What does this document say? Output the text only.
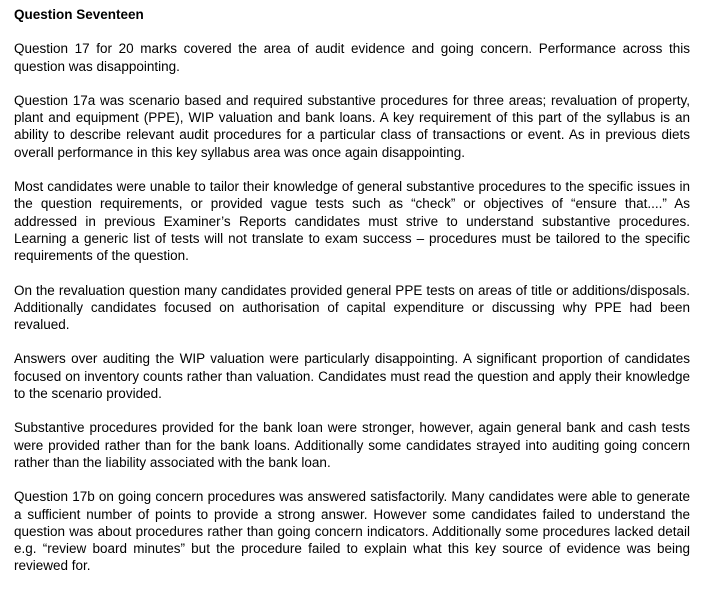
Question Seventeen

Question 17 for 20 marks covered the area of audit evidence and going concern. Performance across this question was disappointing.

Question 17a was scenario based and required substantive procedures for three areas; revaluation of property, plant and equipment (PPE), WIP valuation and bank loans. A key requirement of this part of the syllabus is an ability to describe relevant audit procedures for a particular class of transactions or event. As in previous diets overall performance in this key syllabus area was once again disappointing.

Most candidates were unable to tailor their knowledge of general substantive procedures to the specific issues in the question requirements, or provided vague tests such as “check” or objectives of “ensure that....” As addressed in previous Examiner’s Reports candidates must strive to understand substantive procedures. Learning a generic list of tests will not translate to exam success – procedures must be tailored to the specific requirements of the question.

On the revaluation question many candidates provided general PPE tests on areas of title or additions/disposals. Additionally candidates focused on authorisation of capital expenditure or discussing why PPE had been revalued.

Answers over auditing the WIP valuation were particularly disappointing. A significant proportion of candidates focused on inventory counts rather than valuation. Candidates must read the question and apply their knowledge to the scenario provided.

Substantive procedures provided for the bank loan were stronger, however, again general bank and cash tests were provided rather than for the bank loans. Additionally some candidates strayed into auditing going concern rather than the liability associated with the bank loan.

Question 17b on going concern procedures was answered satisfactorily. Many candidates were able to generate a sufficient number of points to provide a strong answer. However some candidates failed to understand the question was about procedures rather than going concern indicators. Additionally some procedures lacked detail e.g. “review board minutes” but the procedure failed to explain what this key source of evidence was being reviewed for.
